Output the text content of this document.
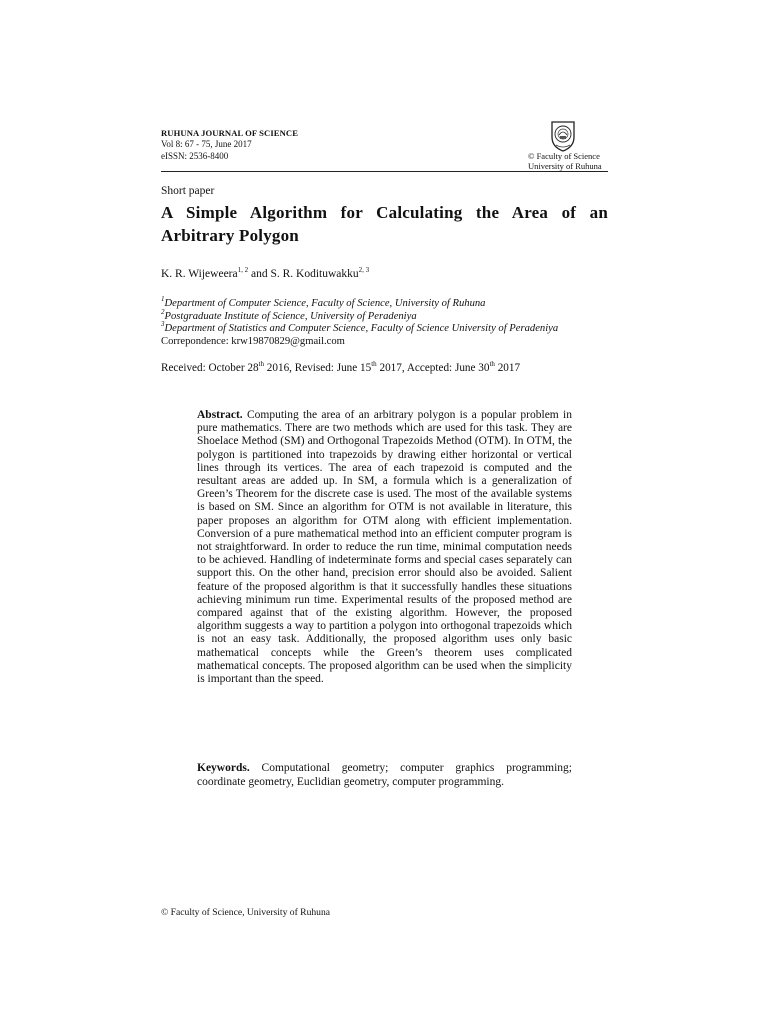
RUHUNA JOURNAL OF SCIENCE
Vol 8: 67 - 75, June 2017
eISSN: 2536-8400	© Faculty of Science
University of Ruhuna
Short paper
A Simple Algorithm for Calculating the Area of an
Arbitrary Polygon
K. R. Wijeweera$^{1, 2}$ and S. R. Kodituwakku$^{2, 3}$
$^1$Department of Computer Science, Faculty of Science, University of Ruhuna
$^2$Postgraduate Institute of Science, University of Peradeniya
$^3$Department of Statistics and Computer Science, Faculty of Science University of Peradeniya
Correpondence: krw19870829@gmail.com
Received: October 28th 2016, Revised: June 15th 2017, Accepted: June 30th 2017
Abstract. Computing the area of an arbitrary polygon is a popular problem in pure mathematics. There are two methods which are used for this task. They are Shoelace Method (SM) and Orthogonal Trapezoids Method (OTM). In OTM, the polygon is partitioned into trapezoids by drawing either horizontal or vertical lines through its vertices. The area of each trapezoid is computed and the resultant areas are added up. In SM, a formula which is a generalization of Green’s Theorem for the discrete case is used. The most of the available systems is based on SM. Since an algorithm for OTM is not available in literature, this paper proposes an algorithm for OTM along with efficient implementation. Conversion of a pure mathematical method into an efficient computer program is not straightforward. In order to reduce the run time, minimal computation needs to be achieved. Handling of indeterminate forms and special cases separately can support this. On the other hand, precision error should also be avoided. Salient feature of the proposed algorithm is that it successfully handles these situations achieving minimum run time. Experimental results of the proposed method are compared against that of the existing algorithm. However, the proposed algorithm suggests a way to partition a polygon into orthogonal trapezoids which is not an easy task. Additionally, the proposed algorithm uses only basic mathematical concepts while the Green’s theorem uses complicated mathematical concepts. The proposed algorithm can be used when the simplicity is important than the speed.
Keywords. Computational geometry; computer graphics programming; coordinate geometry, Euclidian geometry, computer programming.
© Faculty of Science, University of Ruhuna
